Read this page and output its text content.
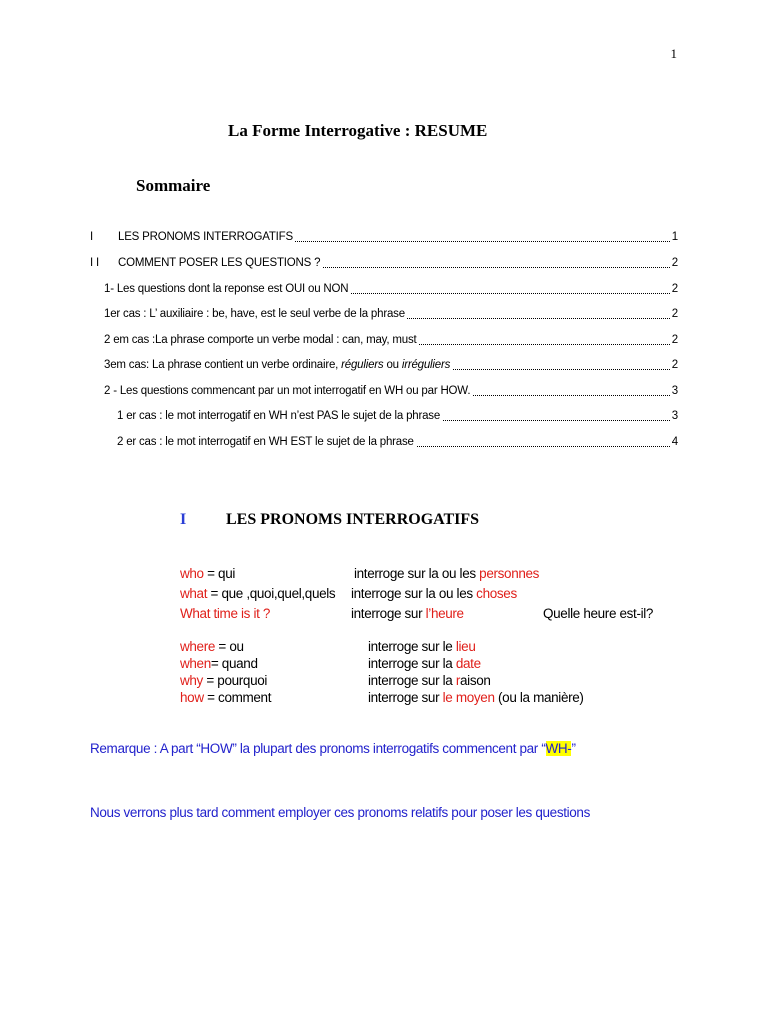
1
La Forme Interrogative : RESUME
Sommaire
I LES PRONOMS INTERROGATIFS	1
I I COMMENT POSER LES QUESTIONS ?	2
1- Les questions dont la reponse est OUI ou NON	2
1er cas : L’ auxiliaire : be, have, est le seul verbe de la phrase	2
2 em cas :La phrase comporte un verbe modal : can, may, must	2
3em cas: La phrase contient un verbe ordinaire, réguliers ou irréguliers	2
2 - Les questions commencant par un mot interrogatif en WH ou par HOW.	3
1 er cas : le mot interrogatif en WH n’est PAS le sujet de la phrase	3
2 er cas : le mot interrogatif en WH EST le sujet de la phrase	4
I LES PRONOMS INTERROGATIFS
who = qui	interroge sur la ou les personnes
what = que ,quoi,quel,quels interroge sur la ou les choses
What time is it ?	interroge sur l’heure	Quelle heure est-il?
where = ou	interroge sur le lieu
when= quand	interroge sur la date
why = pourquoi	interroge sur la raison
how = comment	interroge sur le moyen (ou la manière)
Remarque : A part “HOW” la plupart des pronoms interrogatifs commencent par “WH-”
Nous verrons plus tard comment employer ces pronoms relatifs pour poser les questions
